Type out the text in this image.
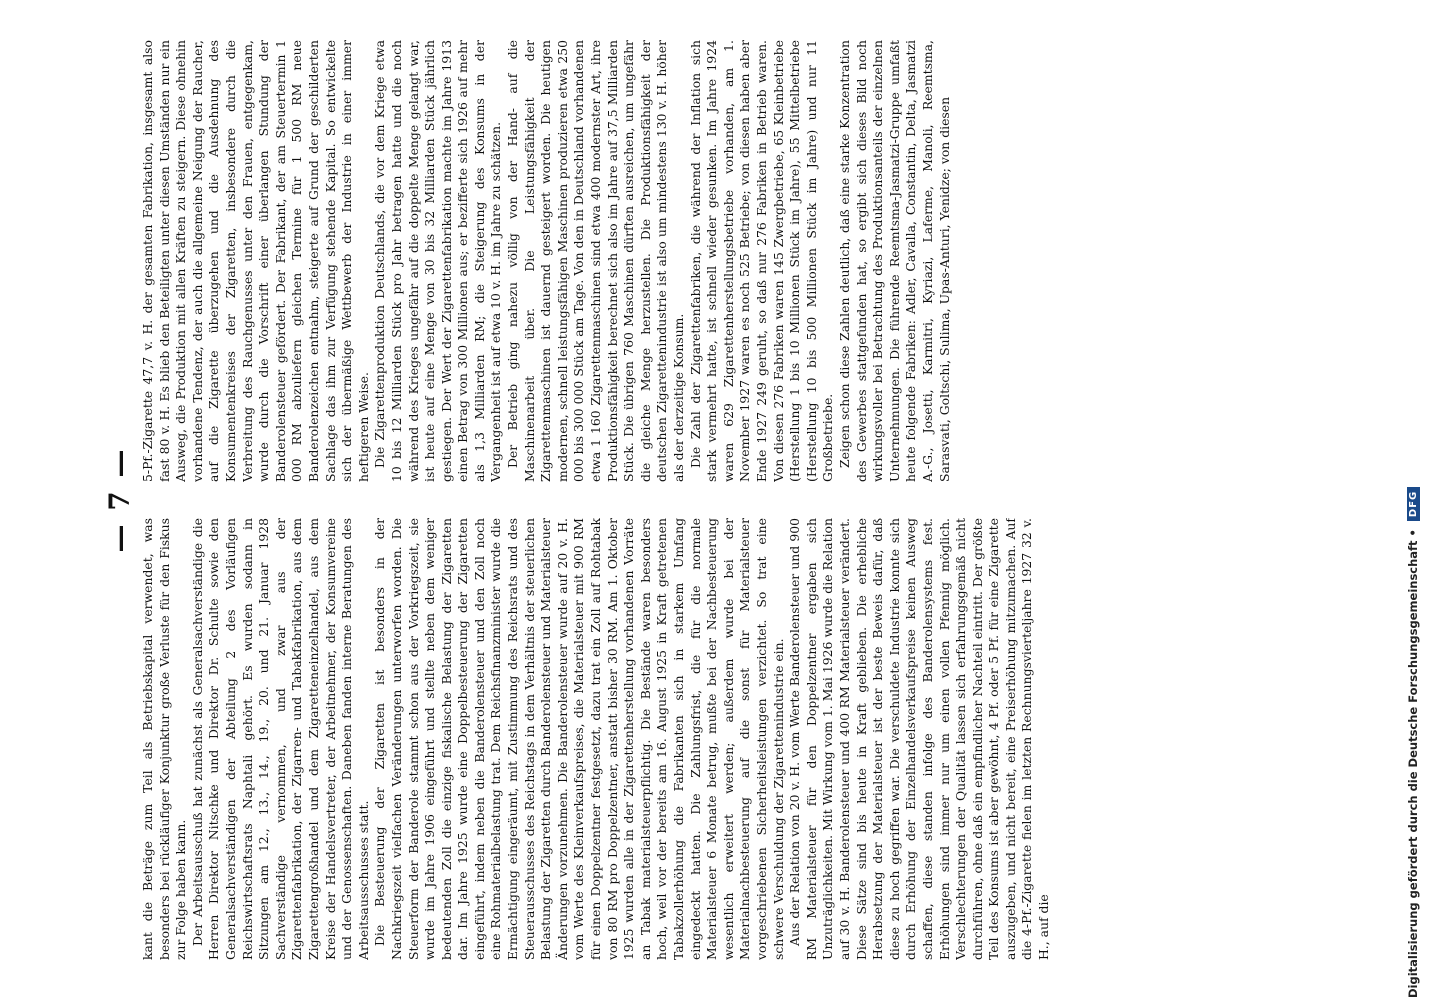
— 7 —

kant die Beträge zum Teil als Betriebskapital verwendet, was besonders bei rückläufiger Konjunktur große Verluste für den Fiskus zur Folge haben kann. Der Arbeitsausschuß hat zunächst als Generalsachverständige die Herren Direktor Nitschke und Direktor Dr. Schulte sowie den Generalsachverständigen der Abteilung 2 des Vorläufigen Reichswirtschaftsrats Naphtali gehört. Es wurden sodann in Sitzungen am 12., 13., 14., 19., 20. und 21. Januar 1928 Sachverständige vernommen, und zwar aus der Zigarettenfabrikation, der Zigarren- und Tabakfabrikation, aus dem Zigarettengroßhandel und dem Zigaretteneinzelhandel, aus dem Kreise der Handelsvertreter, der Arbeitnehmer, der Konsumvereine und der Genossenschaften. Daneben fanden interne Beratungen des Arbeitsausschusses statt. Die Besteuerung der Zigaretten ist besonders in der Nachkriegszeit vielfachen Veränderungen unterworfen worden. Die Steuerform der Banderole stammt schon aus der Vorkriegszeit, sie wurde im Jahre 1906 eingeführt und stellte neben dem weniger bedeutenden Zoll die einzige fiskalische Belastung der Zigaretten dar. Im Jahre 1925 wurde eine Doppelbesteuerung der Zigaretten eingeführt, indem neben die Banderolensteuer und den Zoll noch eine Rohmaterialbelastung trat. Dem Reichsfinanzminister wurde die Ermächtigung eingeräumt, mit Zustimmung des Reichsrats und des Steuerausschusses des Reichstags in dem Verhältnis der steuerlichen Belastung der Zigaretten durch Banderolensteuer und Materialsteuer Änderungen vorzunehmen. Die Banderolensteuer wurde auf 20 v. H. vom Werte des Kleinverkaufspreises, die Materialsteuer mit 900 RM für einen Doppelzentner festgesetzt, dazu trat ein Zoll auf Rohtabak von 80 RM pro Doppelzentner, anstatt bisher 30 RM. Am 1. Oktober 1925 wurden alle in der Zigarettenherstellung vorhandenen Vorräte an Tabak materialsteuerpflichtig. Die Bestände waren besonders hoch, weil vor der bereits am 16. August 1925 in Kraft getretenen Tabakzollerhöhung die Fabrikanten sich in starkem Umfang eingedeckt hatten. Die Zahlungsfrist, die für die normale Materialsteuer 6 Monate betrug, mußte bei der Nachbesteuerung wesentlich erweitert werden; außerdem wurde bei der Materialnachbesteuerung auf die sonst für Materialsteuer vorgeschriebenen Sicherheitsleistungen verzichtet. So trat eine schwere Verschuldung der Zigarettenindustrie ein. Aus der Relation von 20 v. H. vom Werte Banderolensteuer und 900 RM Materialsteuer für den Doppelzentner ergaben sich Unzuträglichkeiten. Mit Wirkung vom 1. Mai 1926 wurde die Relation auf 30 v. H. Banderolensteuer und 400 RM Materialsteuer verändert. Diese Sätze sind bis heute in Kraft geblieben. Die erhebliche Herabsetzung der Materialsteuer ist der beste Beweis dafür, daß diese zu hoch gegriffen war. Die verschuldete Industrie konnte sich durch Erhöhung der Einzelhandelsverkaufspreise keinen Ausweg schaffen, diese standen infolge des Banderolensystems fest. Erhöhungen sind immer nur um einen vollen Pfennig möglich. Verschlechterungen der Qualität lassen sich erfahrungsgemäß nicht durchführen, ohne daß ein empfindlicher Nachteil eintritt. Der größte Teil des Konsums ist aber gewöhnt, 4 Pf. oder 5 Pf. für eine Zigarette auszugeben, und nicht bereit, eine Preiserhöhung mitzumachen. Auf die 4-Pf.-Zigarette fielen im letzten Rechnungsvierteljahre 1927 32 v. H., auf die

5-Pf.-Zigarette 47,7 v. H. der gesamten Fabrikation, insgesamt also fast 80 v. H. Es blieb den Beteiligten unter diesen Umständen nur ein Ausweg, die Produktion mit allen Kräften zu steigern. Diese ohnehin vorhandene Tendenz, der auch die allgemeine Neigung der Raucher, auf die Zigarette überzugehen und die Ausdehnung des Konsumentenkreises der Zigaretten, insbesondere durch die Verbreitung des Rauchgenusses unter den Frauen, entgegenkam, wurde durch die Vorschrift einer überlangen Stundung der Banderolensteuer gefördert. Der Fabrikant, der am Steuertermin 1 000 RM abzuliefern gleichen Termine für 1 500 RM neue Banderolenzeichen entnahm, steigerte auf Grund der geschilderten Sachlage das ihm zur Verfügung stehende Kapital. So entwickelte sich der übermäßige Wettbewerb der Industrie in einer immer heftigeren Weise. Die Zigarettenproduktion Deutschlands, die vor dem Kriege etwa 10 bis 12 Milliarden Stück pro Jahr betragen hatte und die noch während des Krieges ungefähr auf die doppelte Menge gelangt war, ist heute auf eine Menge von 30 bis 32 Milliarden Stück jährlich gestiegen. Der Wert der Zigarettenfabrikation machte im Jahre 1913 einen Betrag von 300 Millionen aus; er bezifferte sich 1926 auf mehr als 1,3 Milliarden RM; die Steigerung des Konsums in der Vergangenheit ist auf etwa 10 v. H. im Jahre zu schätzen. Der Betrieb ging nahezu völlig von der Hand- auf die Maschinenarbeit über. Die Leistungsfähigkeit der Zigarettenmaschinen ist dauernd gesteigert worden. Die heutigen modernen, schnell leistungsfähigen Maschinen produzieren etwa 250 000 bis 300 000 Stück am Tage. Von den in Deutschland vorhandenen etwa 1 160 Zigarettenmaschinen sind etwa 400 modernster Art, ihre Produktionsfähigkeit berechnet sich also im Jahre auf 37,5 Milliarden Stück. Die übrigen 760 Maschinen dürften ausreichen, um ungefähr die gleiche Menge herzustellen. Die Produktionsfähigkeit der deutschen Zigarettenindustrie ist also um mindestens 130 v. H. höher als der derzeitige Konsum. Die Zahl der Zigarettenfabriken, die während der Inflation sich stark vermehrt hatte, ist schnell wieder gesunken. Im Jahre 1924 waren 629 Zigarettenherstellungsbetriebe vorhanden, am 1. November 1927 waren es noch 525 Betriebe; von diesen haben aber Ende 1927 249 geruht, so daß nur 276 Fabriken in Betrieb waren. Von diesen 276 Fabriken waren 145 Zwergbetriebe, 65 Kleinbetriebe (Herstellung 1 bis 10 Millionen Stück im Jahre), 55 Mittelbetriebe (Herstellung 10 bis 500 Millionen Stück im Jahre) und nur 11 Großbetriebe. Zeigen schon diese Zahlen deutlich, daß eine starke Konzentration des Gewerbes stattgefunden hat, so ergibt sich dieses Bild noch wirkungsvoller bei Betrachtung des Produktionsanteils der einzelnen Unternehmungen. Die führende Reemtsma-Jasmatzi-Gruppe umfaßt heute folgende Fabriken: Adler, Cavalla, Constantin, Delta, Jasmatzi A.-G., Josetti, Karmitri, Kyriazi, Laferme, Manoli, Reemtsma, Sarasvati, Goltschi, Sulima, Upas-Anturi, Yenidze; von diesen

Digitalisierung gefördert durch die Deutsche Forschungsgemeinschaft •
DFG
